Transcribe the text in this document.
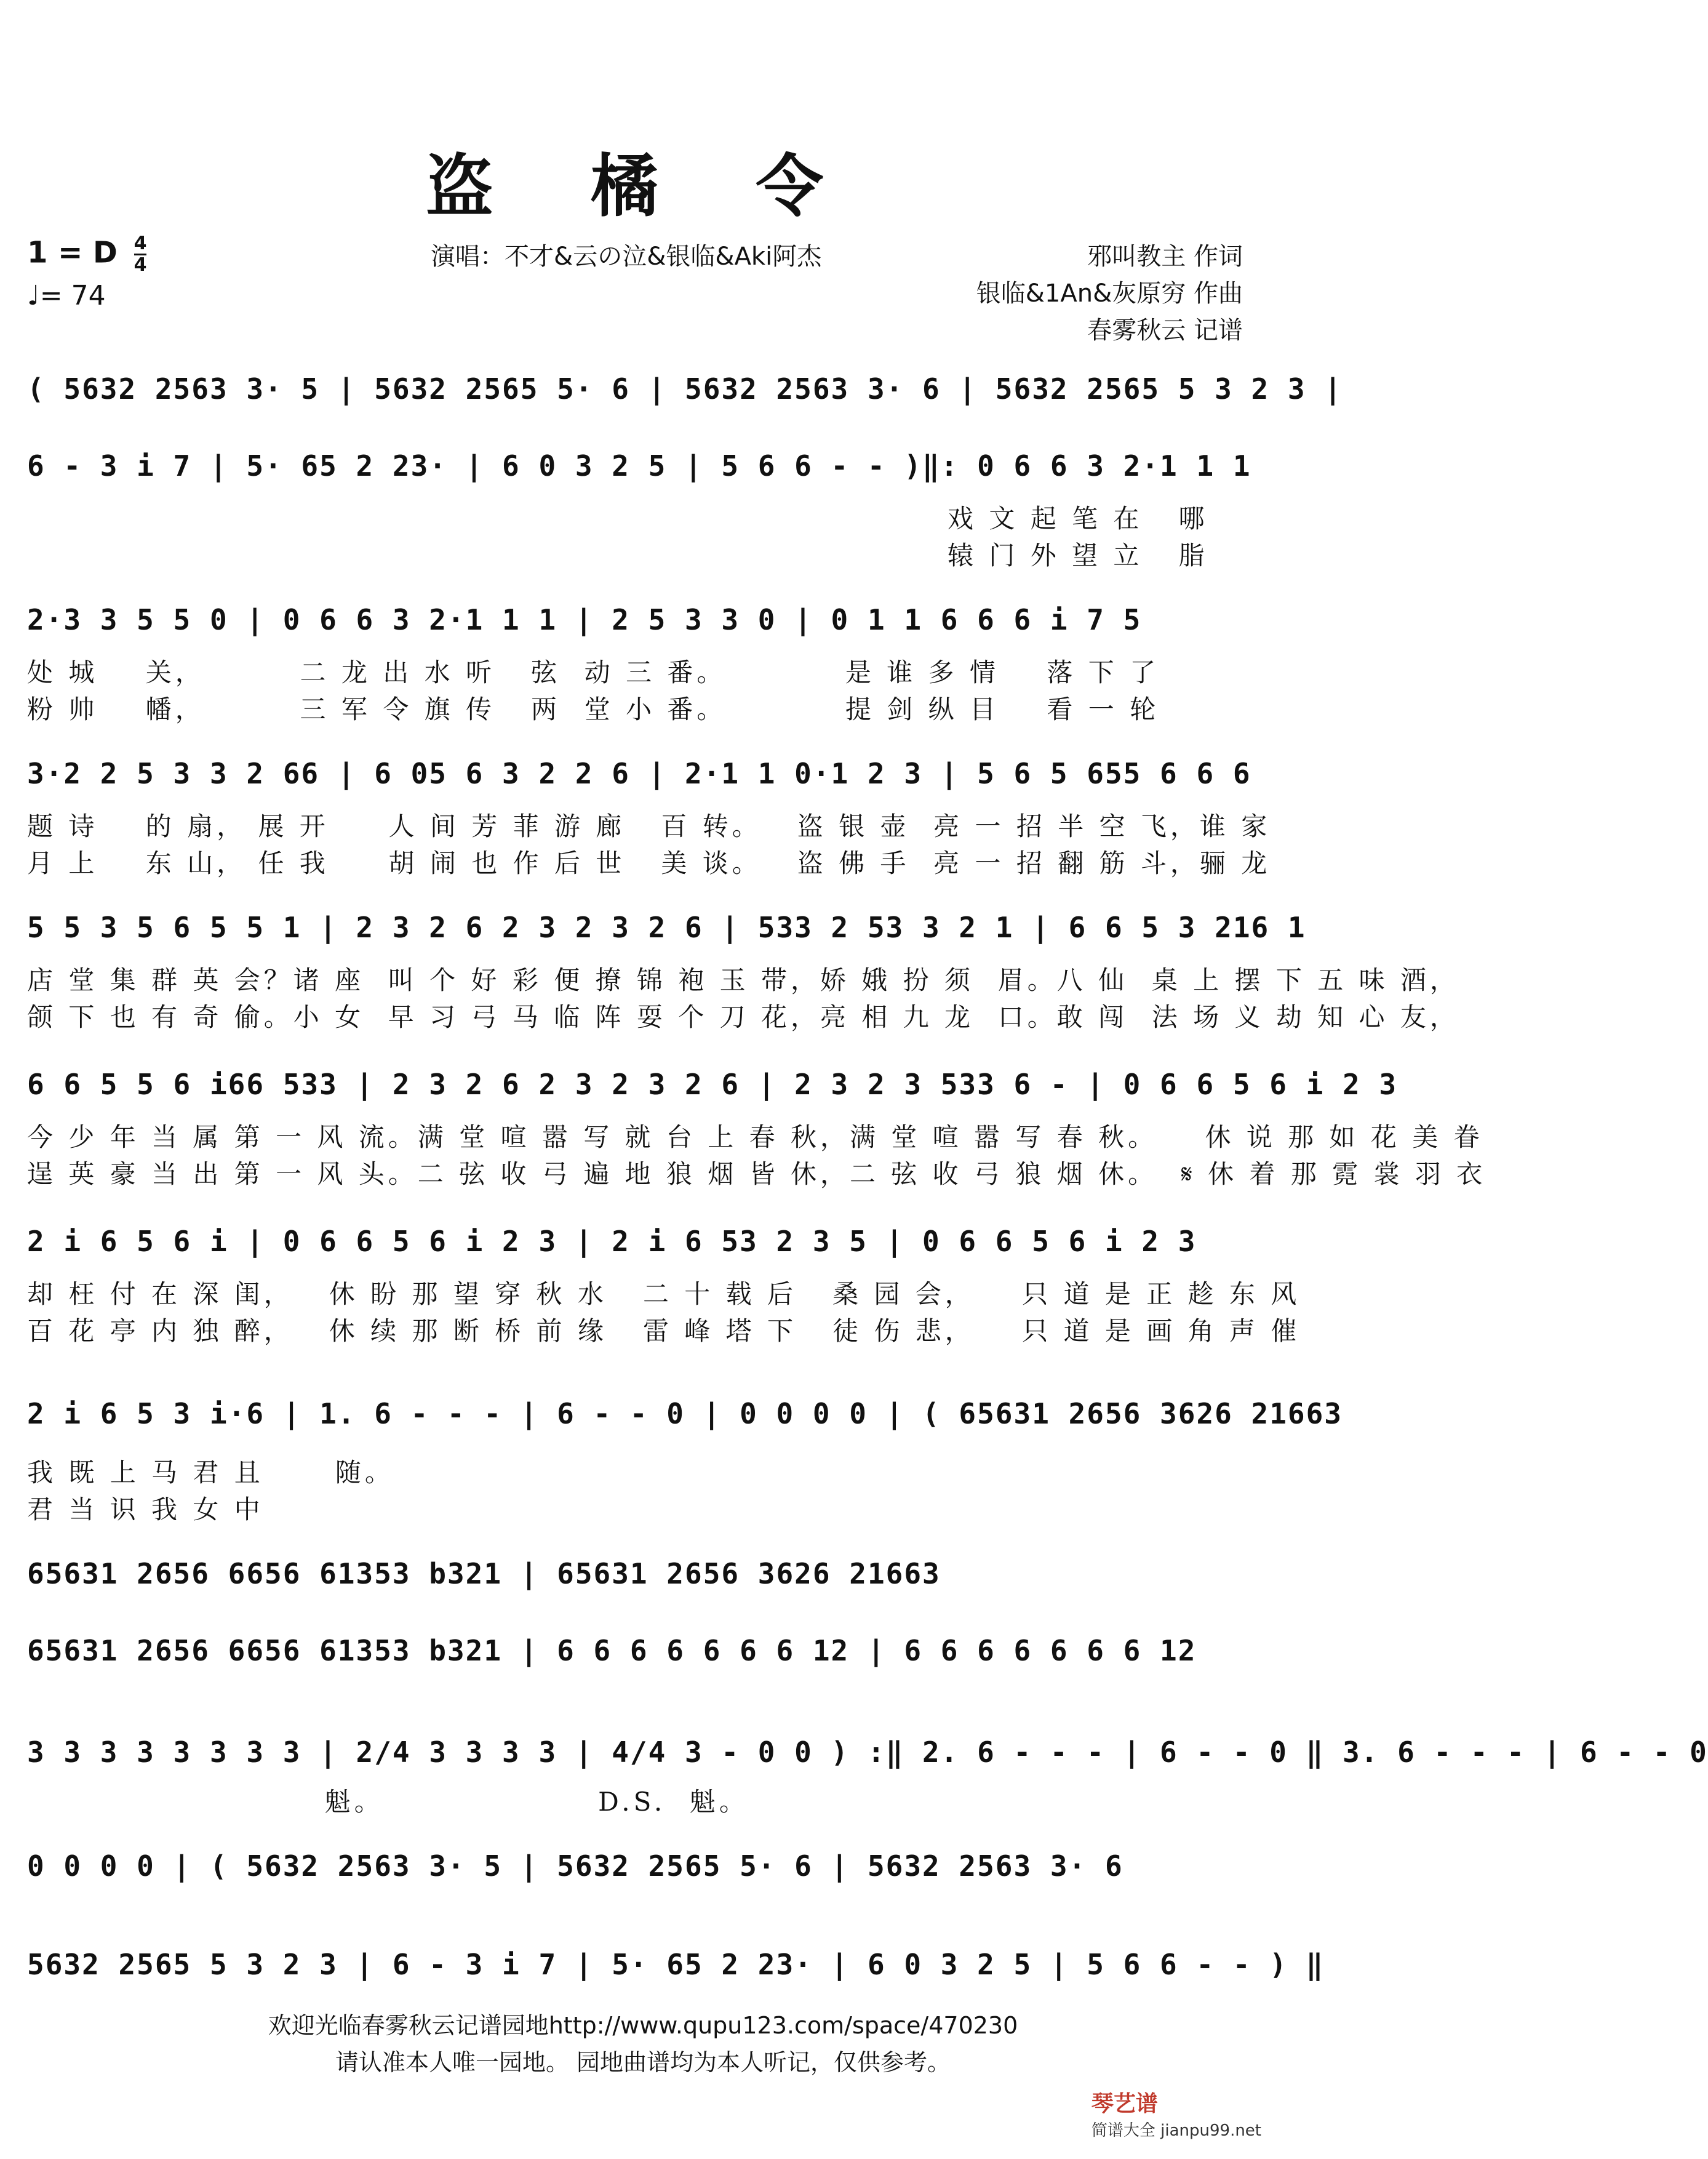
盗 橘 令
1 = D $\frac{4}{4}$
♩= 74
演唱：不才&云の泣&银临&Aki阿杰	邪叫教主 作词
银临&1An&灰原穷 作曲
春雾秋云 记谱
( 5632 2563 3· 5 | 5632 2565 5· 6 | 5632 2563 3· 6 | 5632 2565 5 3 2 3 |
6 - 3 i 7 | 5· 65 2 23· | 6 0 3 2 5 | 5 6 6 - - )‖: 0 6 6 3 2·1 1 1
戏 文 起 笔 在   哪
辕 门 外 望 立   脂
2·3 3 5 5 0 | 0 6 6 3 2·1 1 1 | 2 5 3 3 0 | 0 1 1 6 6 6 i 7 5
处 城    关，        二 龙 出 水 听   弦  动 三 番。          是 谁 多 情    落 下 了
粉 帅    幡，        三 军 令 旗 传   两  堂 小 番。          提 剑 纵 目    看 一 轮
3·2 2 5 3 3 2 66 | 6 05 6 3 2 2 6 | 2·1 1 0·1 2 3 | 5 6 5 655 6 6 6
题 诗    的 扇， 展 开     人 间 芳 菲 游 廊   百 转。   盗 银 壶  亮 一 招 半 空 飞，谁 家
月 上    东 山， 任 我     胡 闹 也 作 后 世   美 谈。   盗 佛 手  亮 一 招 翻 筋 斗，骊 龙
5 5 3 5 6 5 5 1 | 2 3 2 6 2 3 2 3 2 6 | 533 2 53 3 2 1 | 6 6 5 3 216 1
店 堂 集 群 英 会？诸 座  叫 个 好 彩 便 撩 锦 袍 玉 带，娇 娥 扮 须  眉。八 仙  桌 上 摆 下 五 味 酒，
颌 下 也 有 奇 偷。小 女  早 习 弓 马 临 阵 耍 个 刀 花，亮 相 九 龙  口。敢 闯  法 场 义 劫 知 心 友，
6 6 5 5 6 i66 533 | 2 3 2 6 2 3 2 3 2 6 | 2 3 2 3 533 6 - | 0 6 6 5 6 i 2 3
今 少 年 当 属 第 一 风 流。满 堂 喧 嚣 写 就 台 上 春 秋，满 堂 喧 嚣 写 春 秋。    休 说 那 如 花 美 眷
逞 英 豪 当 出 第 一 风 头。二 弦 收 弓 遍 地 狼 烟 皆 休，二 弦 收 弓 狼 烟 休。  𝄋 休 着 那 霓 裳 羽 衣
2 i 6 5 6 i | 0 6 6 5 6 i 2 3 | 2 i 6 53 2 3 5 | 0 6 6 5 6 i 2 3
却 枉 付 在 深 闺，   休 盼 那 望 穿 秋 水   二 十 载 后   桑 园 会，    只 道 是 正 趁 东 风
百 花 亭 内 独 醉，   休 续 那 断 桥 前 缘   雷 峰 塔 下   徒 伤 悲，    只 道 是 画 角 声 催
2 i 6 5 3 i·6 | 1. 6 - - - | 6 - - 0 | 0 0 0 0 | ( 65631 2656 3626 21663
我 既 上 马 君 且      随。
君 当 识 我 女 中
65631 2656 6656 61353 b321 | 65631 2656 3626 21663
65631 2656 6656 61353 b321 | 6 6 6 6 6 6 6 12 | 6 6 6 6 6 6 6 12
3 3 3 3 3 3 3 3 | 2/4 3 3 3 3 | 4/4 3 - 0 0 ) :‖ 2. 6 - - - | 6 - - 0 ‖ 3. 6 - - - | 6 - - 0
魁。                  D.S.  魁。
0 0 0 0 | ( 5632 2563 3· 5 | 5632 2565 5· 6 | 5632 2563 3· 6
5632 2565 5 3 2 3 | 6 - 3 i 7 | 5· 65 2 23· | 6 0 3 2 5 | 5 6 6 - - ) ‖
欢迎光临春雾秋云记谱园地http://www.qupu123.com/space/470230
请认准本人唯一园地。 园地曲谱均为本人听记，仅供参考。
琴艺谱
简谱大全 jianpu99.net
